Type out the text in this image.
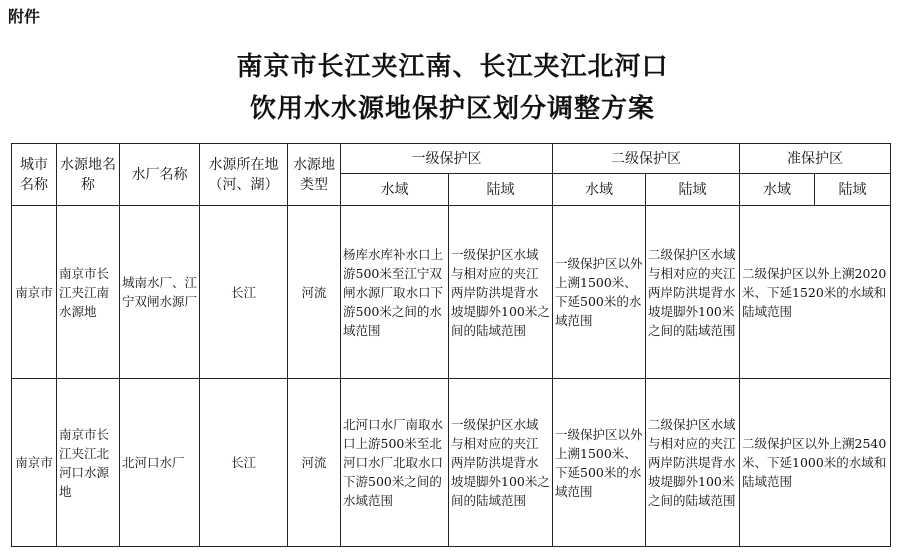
附件
南京市长江夹江南、长江夹江北河口
饮用水水源地保护区划分调整方案
城市名称	水源地名称	水厂名称	水源所在地（河、湖）	水源地类型	一级保护区		二级保护区		准保护区	
					水域	陆域	水域	陆域	水域	陆域
南京市	南京市长江夹江南水源地	城南水厂、江宁双闸水源厂	长江	河流	杨库水库补水口上游500米至江宁双闸水源厂取水口下游500米之间的水域范围	一级保护区水域与相对应的夹江两岸防洪堤背水坡堤脚外100米之间的陆域范围	一级保护区以外上溯1500米、下延500米的水域范围	二级保护区水域与相对应的夹江两岸防洪堤背水坡堤脚外100米之间的陆域范围	二级保护区以外上溯2020米、下延1520米的水域和陆域范围	
南京市	南京市长江夹江北河口水源地	北河口水厂	长江	河流	北河口水厂南取水口上游500米至北河口水厂北取水口下游500米之间的水域范围	一级保护区水域与相对应的夹江两岸防洪堤背水坡堤脚外100米之间的陆域范围	一级保护区以外上溯1500米、下延500米的水域范围	二级保护区水域与相对应的夹江两岸防洪堤背水坡堤脚外100米之间的陆域范围	二级保护区以外上溯2540米、下延1000米的水域和陆域范围	
